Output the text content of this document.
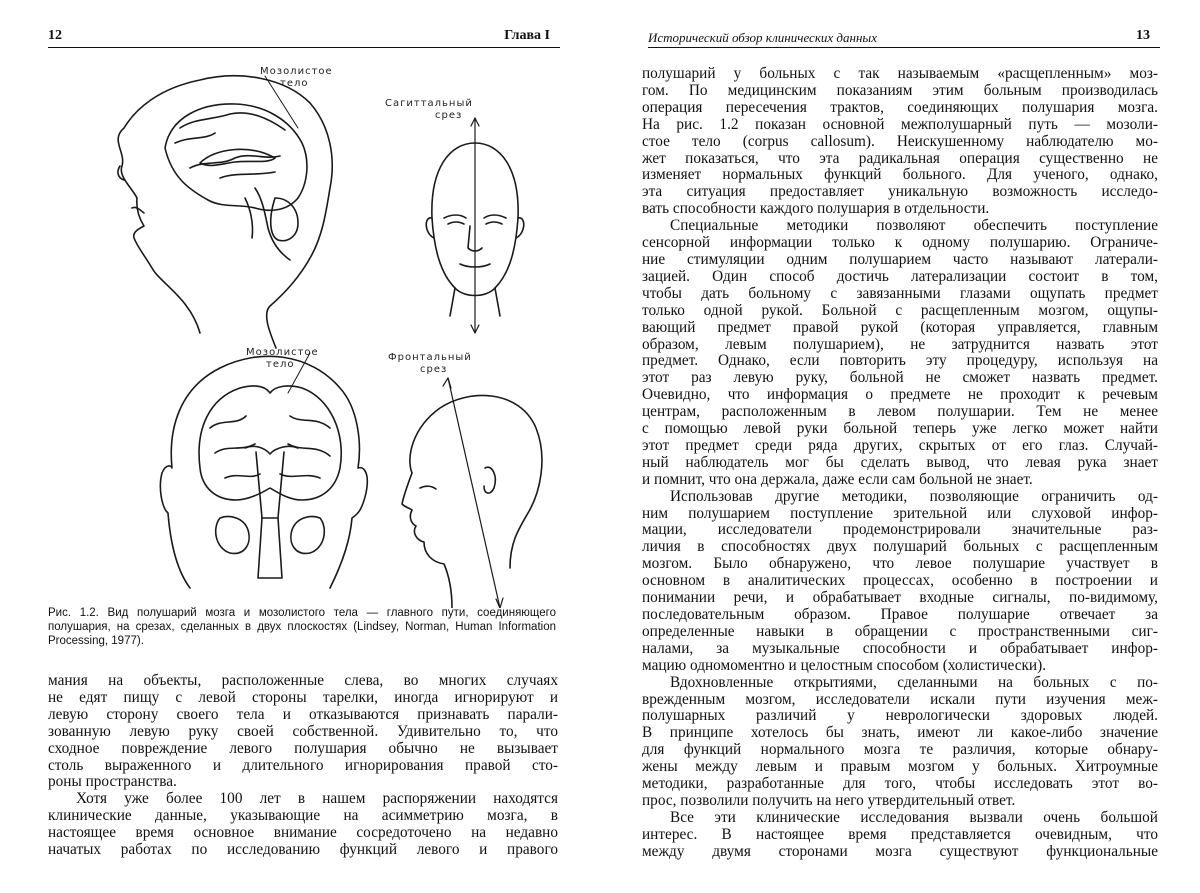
12	Глава I
Мозолистое
тело
Сагиттальный
срез
Мозолистое
тело
Фронтальный
срез
Рис. 1.2. Вид полушарий мозга и мозолистого тела — главного пути, соединяющего полушария, на срезах, сделанных в двух плоскостях (Lindsey, Norman, Human Information Processing, 1977).
мания на объекты, расположенные слева, во многих случаях
не едят пищу с левой стороны тарелки, иногда игнорируют и
левую сторону своего тела и отказываются признавать парали-
зованную левую руку своей собственной. Удивительно то, что
сходное повреждение левого полушария обычно не вызывает
столь выраженного и длительного игнорирования правой сто-
роны пространства.
Хотя уже более 100 лет в нашем распоряжении находятся
клинические данные, указывающие на асимметрию мозга, в
настоящее время основное внимание сосредоточено на недавно
начатых работах по исследованию функций левого и правого
Исторический обзор клинических данных	13
полушарий у больных с так называемым «расщепленным» моз-
гом. По медицинским показаниям этим больным производилась
операция пересечения трактов, соединяющих полушария мозга.
На рис. 1.2 показан основной межполушарный путь — мозоли-
стое тело (corpus callosum). Неискушенному наблюдателю мо-
жет показаться, что эта радикальная операция существенно не
изменяет нормальных функций больного. Для ученого, однако,
эта ситуация предоставляет уникальную возможность исследо-
вать способности каждого полушария в отдельности.
Специальные методики позволяют обеспечить поступление
сенсорной информации только к одному полушарию. Ограниче-
ние стимуляции одним полушарием часто называют латерали-
зацией. Один способ достичь латерализации состоит в том,
чтобы дать больному с завязанными глазами ощупать предмет
только одной рукой. Больной с расщепленным мозгом, ощупы-
вающий предмет правой рукой (которая управляется, главным
образом, левым полушарием), не затруднится назвать этот
предмет. Однако, если повторить эту процедуру, используя на
этот раз левую руку, больной не сможет назвать предмет.
Очевидно, что информация о предмете не проходит к речевым
центрам, расположенным в левом полушарии. Тем не менее
с помощью левой руки больной теперь уже легко может найти
этот предмет среди ряда других, скрытых от его глаз. Случай-
ный наблюдатель мог бы сделать вывод, что левая рука знает
и помнит, что она держала, даже если сам больной не знает.
Использовав другие методики, позволяющие ограничить од-
ним полушарием поступление зрительной или слуховой инфор-
мации, исследователи продемонстрировали значительные раз-
личия в способностях двух полушарий больных с расщепленным
мозгом. Было обнаружено, что левое полушарие участвует в
основном в аналитических процессах, особенно в построении и
понимании речи, и обрабатывает входные сигналы, по-видимому,
последовательным образом. Правое полушарие отвечает за
определенные навыки в обращении с пространственными сиг-
налами, за музыкальные способности и обрабатывает инфор-
мацию одномоментно и целостным способом (холистически).
Вдохновленные открытиями, сделанными на больных с по-
врежденным мозгом, исследователи искали пути изучения меж-
полушарных различий у неврологически здоровых людей.
В принципе хотелось бы знать, имеют ли какое-либо значение
для функций нормального мозга те различия, которые обнару-
жены между левым и правым мозгом у больных. Хитроумные
методики, разработанные для того, чтобы исследовать этот во-
прос, позволили получить на него утвердительный ответ.
Все эти клинические исследования вызвали очень большой
интерес. В настоящее время представляется очевидным, что
между двумя сторонами мозга существуют функциональные
